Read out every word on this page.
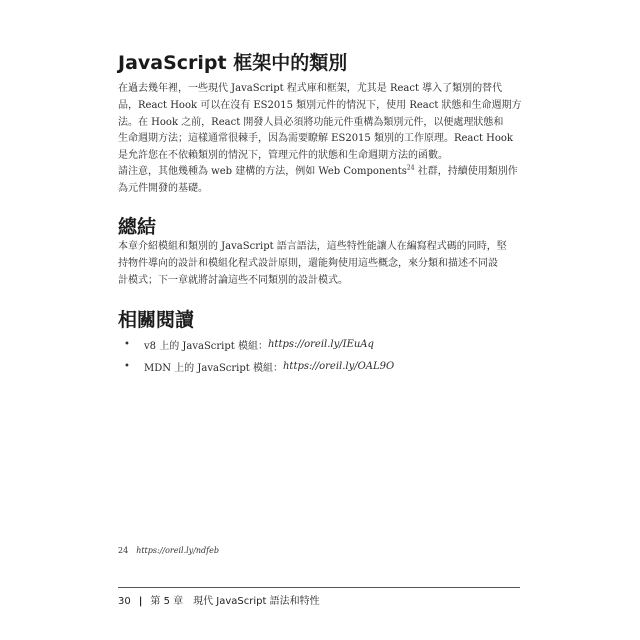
JavaScript 框架中的類別
在過去幾年裡，一些現代 JavaScript 程式庫和框架，尤其是 React 導入了類別的替代
品，React Hook 可以在沒有 ES2015 類別元件的情況下，使用 React 狀態和生命週期方
法。在 Hook 之前，React 開發人員必須將功能元件重構為類別元件，以便處理狀態和
生命週期方法；這樣通常很棘手，因為需要瞭解 ES2015 類別的工作原理。React Hook
是允許您在不依賴類別的情況下，管理元件的狀態和生命週期方法的函數。
請注意，其他幾種為 web 建構的方法，例如 Web Components$^{24}$ 社群，持續使用類別作
為元件開發的基礎。
總結
本章介紹模組和類別的 JavaScript 語言語法，這些特性能讓人在編寫程式碼的同時，堅
持物件導向的設計和模組化程式設計原則，還能夠使用這些概念，來分類和描述不同設
計模式；下一章就將討論這些不同類別的設計模式。
相關閱讀
•	v8 上的 JavaScript 模組： https://oreil.ly/IEuAq
•	MDN 上的 JavaScript 模組： https://oreil.ly/OAL9O
24 https://oreil.ly/ndfeb
30 | 第 5 章　現代 JavaScript 語法和特性
